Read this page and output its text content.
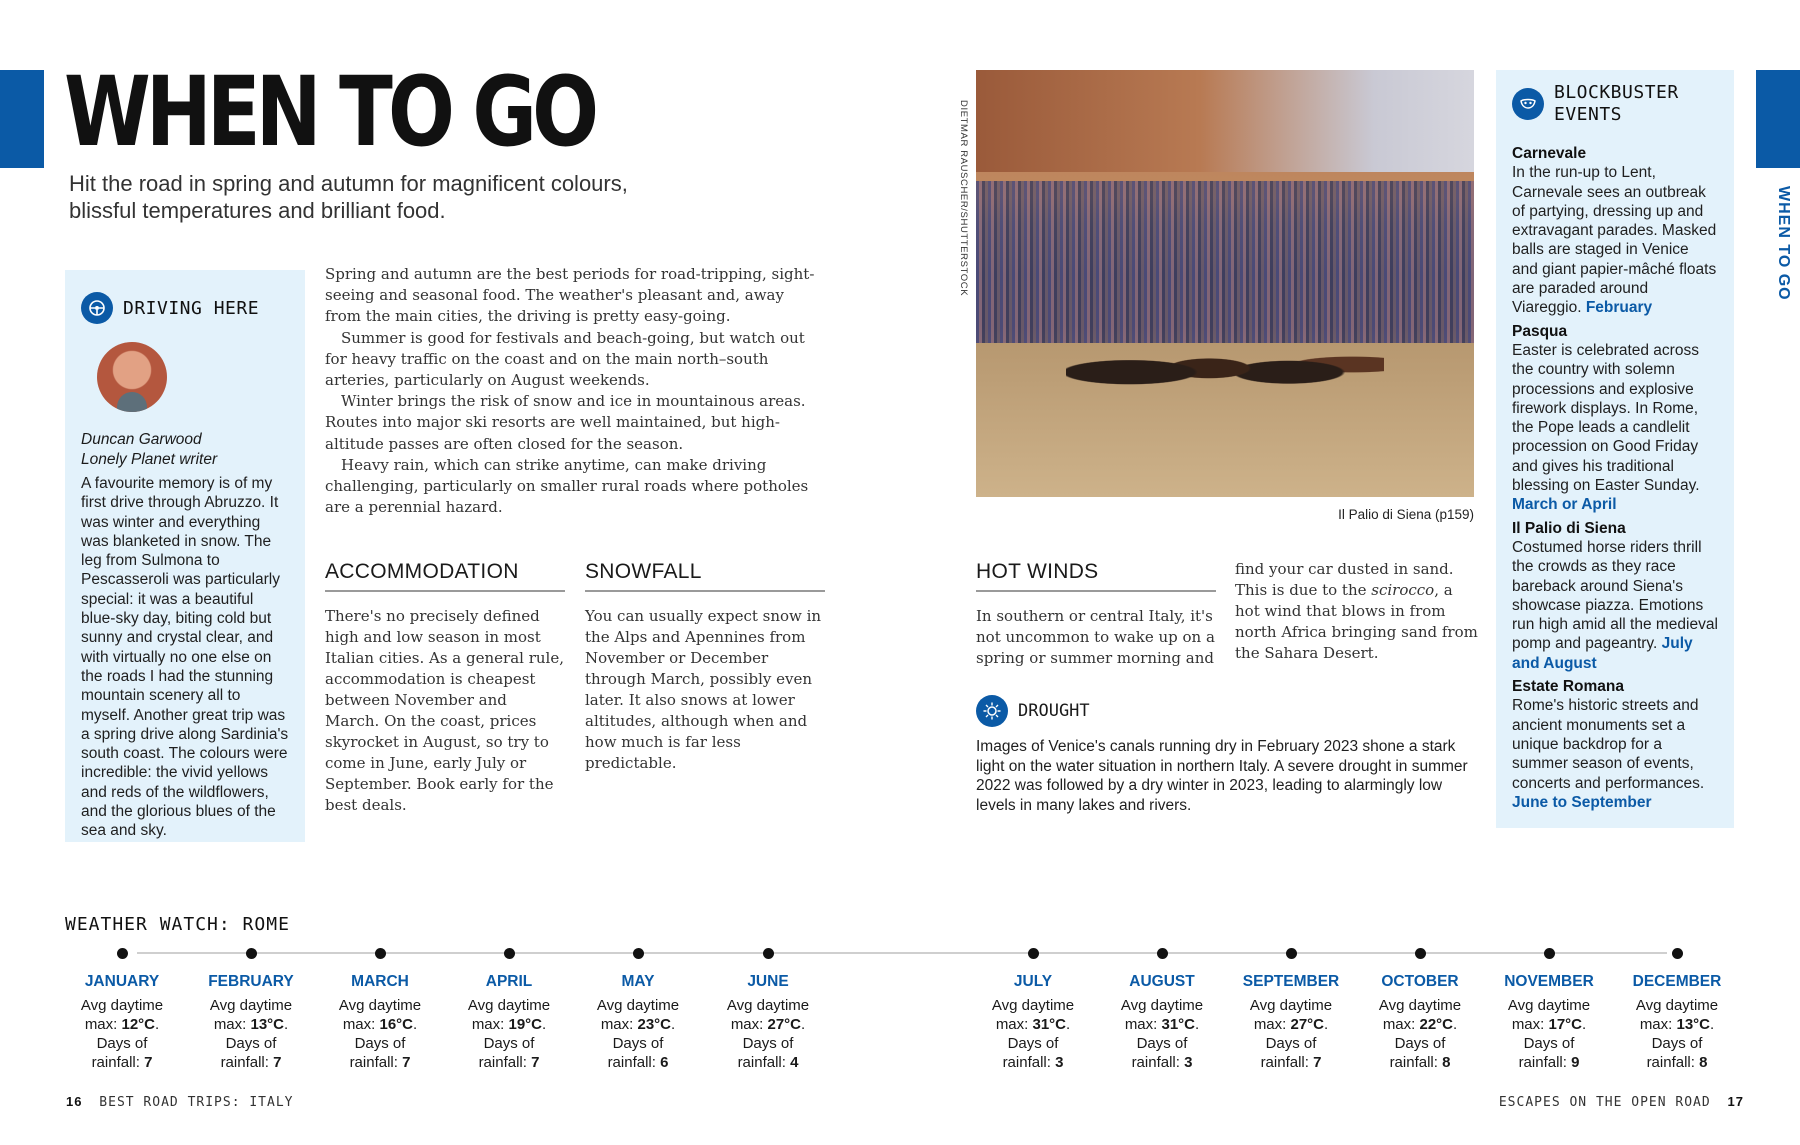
WHEN TO GO
WHEN TO GO

Hit the road in spring and autumn for magnificent colours, blissful temperatures and brilliant food.

DRIVING HERE
Duncan Garwood
Lonely Planet writer

A favourite memory is of my first drive through Abruzzo. It was winter and everything was blanketed in snow. The leg from Sulmona to Pescasseroli was particularly special: it was a beautiful blue-sky day, biting cold but sunny and crystal clear, and with virtually no one else on the roads I had the stunning mountain scenery all to myself. Another great trip was a spring drive along Sardinia's south coast. The colours were incredible: the vivid yellows and reds of the wildflowers, and the glorious blues of the sea and sky.

Spring and autumn are the best periods for road-tripping, sight-seeing and seasonal food. The weather's pleasant and, away from the main cities, the driving is pretty easy-going.

Summer is good for festivals and beach-going, but watch out for heavy traffic on the coast and on the main north–south arteries, particularly on August weekends.

Winter brings the risk of snow and ice in mountainous areas. Routes into major ski resorts are well maintained, but high-altitude passes are often closed for the season.

Heavy rain, which can strike anytime, can make driving challenging, particularly on smaller rural roads where potholes are a perennial hazard.

ACCOMMODATION

There's no precisely defined high and low season in most Italian cities. As a general rule, accommodation is cheapest between November and March. On the coast, prices skyrocket in August, so try to come in June, early July or September. Book early for the best deals.

SNOWFALL

You can usually expect snow in the Alps and Apennines from November or December through March, possibly even later. It also snows at lower altitudes, although when and how much is far less predictable.

DIETMAR RAUSCHER/SHUTTERSTOCK
Il Palio di Siena (p159)
HOT WINDS

In southern or central Italy, it's not uncommon to wake up on a spring or summer morning and

find your car dusted in sand. This is due to the scirocco, a hot wind that blows in from north Africa bringing sand from the Sahara Desert.

DROUGHT

Images of Venice's canals running dry in February 2023 shone a stark light on the water situation in northern Italy. A severe drought in summer 2022 was followed by a dry winter in 2023, leading to alarmingly low levels in many lakes and rivers.

BLOCKBUSTER
EVENTS
Carnevale
In the run-up to Lent, Carnevale sees an outbreak of partying, dressing up and extravagant parades. Masked balls are staged in Venice and giant papier-mâché floats are paraded around Viareggio. February
Pasqua
Easter is celebrated across the country with solemn processions and explosive firework displays. In Rome, the Pope leads a candlelit procession on Good Friday and gives his traditional blessing on Easter Sunday. March or April
Il Palio di Siena
Costumed horse riders thrill the crowds as they race bareback around Siena's showcase piazza. Emotions run high amid all the medieval pomp and pageantry. July and August
Estate Romana
Rome's historic streets and ancient monuments set a unique backdrop for a summer season of events, concerts and performances. June to September
WEATHER WATCH: ROME
JANUARY
Avg daytime
max: 12°C.
Days of
rainfall: 7
FEBRUARY
Avg daytime
max: 13°C.
Days of
rainfall: 7
MARCH
Avg daytime
max: 16°C.
Days of
rainfall: 7
APRIL
Avg daytime
max: 19°C.
Days of
rainfall: 7
MAY
Avg daytime
max: 23°C.
Days of
rainfall: 6
JUNE
Avg daytime
max: 27°C.
Days of
rainfall: 4
JULY
Avg daytime
max: 31°C.
Days of
rainfall: 3
AUGUST
Avg daytime
max: 31°C.
Days of
rainfall: 3
SEPTEMBER
Avg daytime
max: 27°C.
Days of
rainfall: 7
OCTOBER
Avg daytime
max: 22°C.
Days of
rainfall: 8
NOVEMBER
Avg daytime
max: 17°C.
Days of
rainfall: 9
DECEMBER
Avg daytime
max: 13°C.
Days of
rainfall: 8
16 BEST ROAD TRIPS: ITALY	ESCAPES ON THE OPEN ROAD 17
